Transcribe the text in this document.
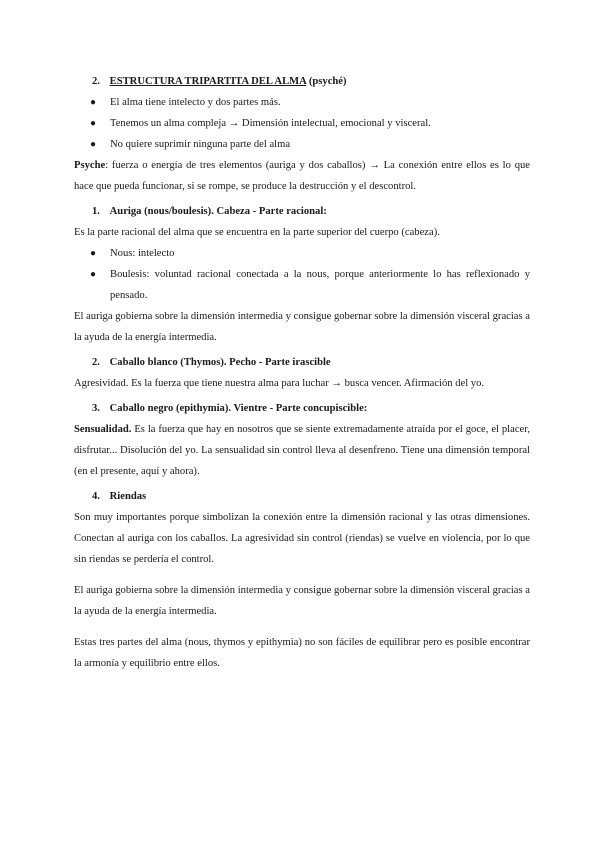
2. ESTRUCTURA TRIPARTITA DEL ALMA (psyché)

● El alma tiene intelecto y dos partes más.
● Tenemos un alma compleja → Dimensión intelectual, emocional y visceral.
● No quiere suprimir ninguna parte del alma

Psyche: fuerza o energía de tres elementos (auriga y dos caballos) → La conexión entre ellos es lo que hace que pueda funcionar, si se rompe, se produce la destrucción y el descontrol.

1. Auriga (nous/boulesis). Cabeza - Parte racional:

Es la parte racional del alma que se encuentra en la parte superior del cuerpo (cabeza).

● Nous: intelecto
● Boulesis: voluntad racional conectada a la nous, porque anteriormente lo has reflexionado y pensado.

El auriga gobierna sobre la dimensión intermedia y consigue gobernar sobre la dimensión visceral gracias a la ayuda de la energía intermedia.

2. Caballo blanco (Thymos). Pecho - Parte irascible

Agresividad. Es la fuerza que tiene nuestra alma para luchar → busca vencer. Afirmación del yo.

3. Caballo negro (epithymia). Vientre - Parte concupiscible:

Sensualidad. Es la fuerza que hay en nosotros que se siente extremadamente atraída por el goce, el placer, disfrutar... Disolución del yo. La sensualidad sin control lleva al desenfreno. Tiene una dimensión temporal (en el presente, aquí y ahora).

4. Riendas

Son muy importantes porque simbolizan la conexión entre la dimensión racional y las otras dimensiones. Conectan al auriga con los caballos. La agresividad sin control (riendas) se vuelve en violencia, por lo que sin riendas se perdería el control.

El auriga gobierna sobre la dimensión intermedia y consigue gobernar sobre la dimensión visceral gracias a la ayuda de la energía intermedia.

Estas tres partes del alma (nous, thymos y epithymia) no son fáciles de equilibrar pero es posible encontrar la armonía y equilibrio entre ellos.
